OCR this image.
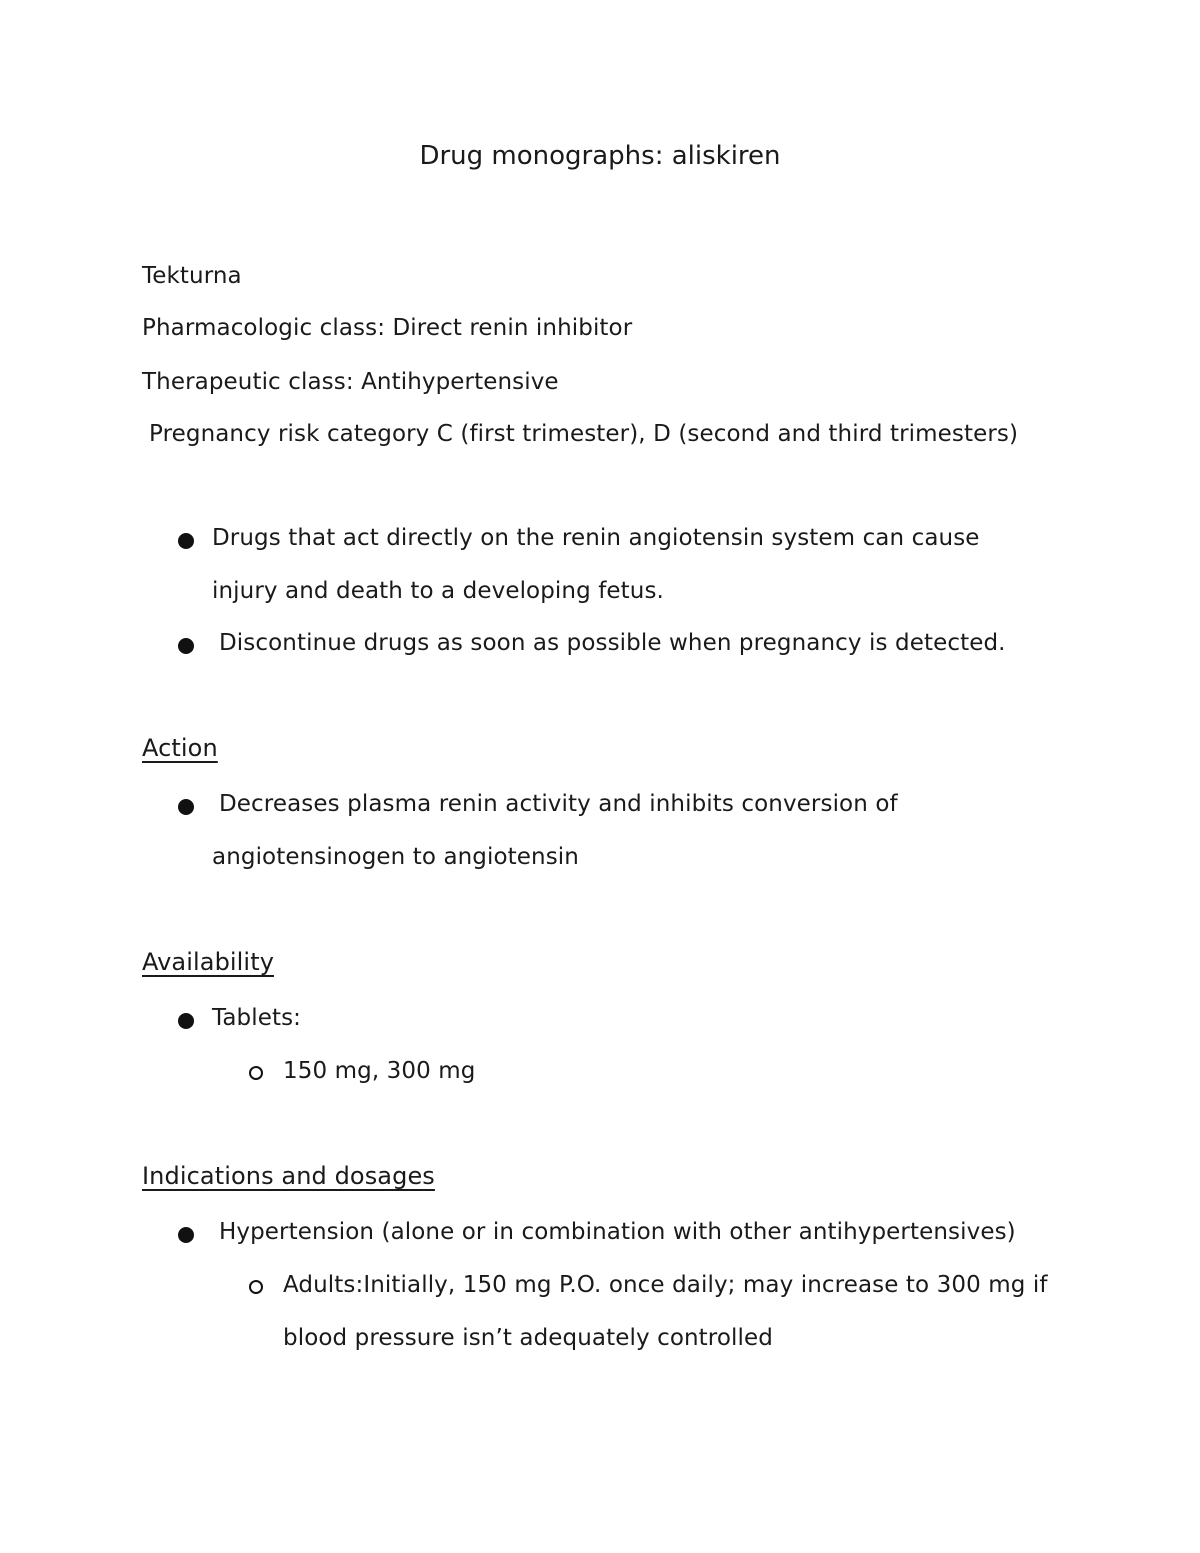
Drug monographs: aliskiren
Tekturna
Pharmacologic class: Direct renin inhibitor
Therapeutic class: Antihypertensive
Pregnancy risk category C (first trimester), D (second and third trimesters)
Drugs that act directly on the renin angiotensin system can cause
injury and death to a developing fetus.
Discontinue drugs as soon as possible when pregnancy is detected.
Action
Decreases plasma renin activity and inhibits conversion of
angiotensinogen to angiotensin
Availability
Tablets:
150 mg, 300 mg
Indications and dosages
Hypertension (alone or in combination with other antihypertensives)
Adults:Initially, 150 mg P.O. once daily; may increase to 300 mg if
blood pressure isn’t adequately controlled
